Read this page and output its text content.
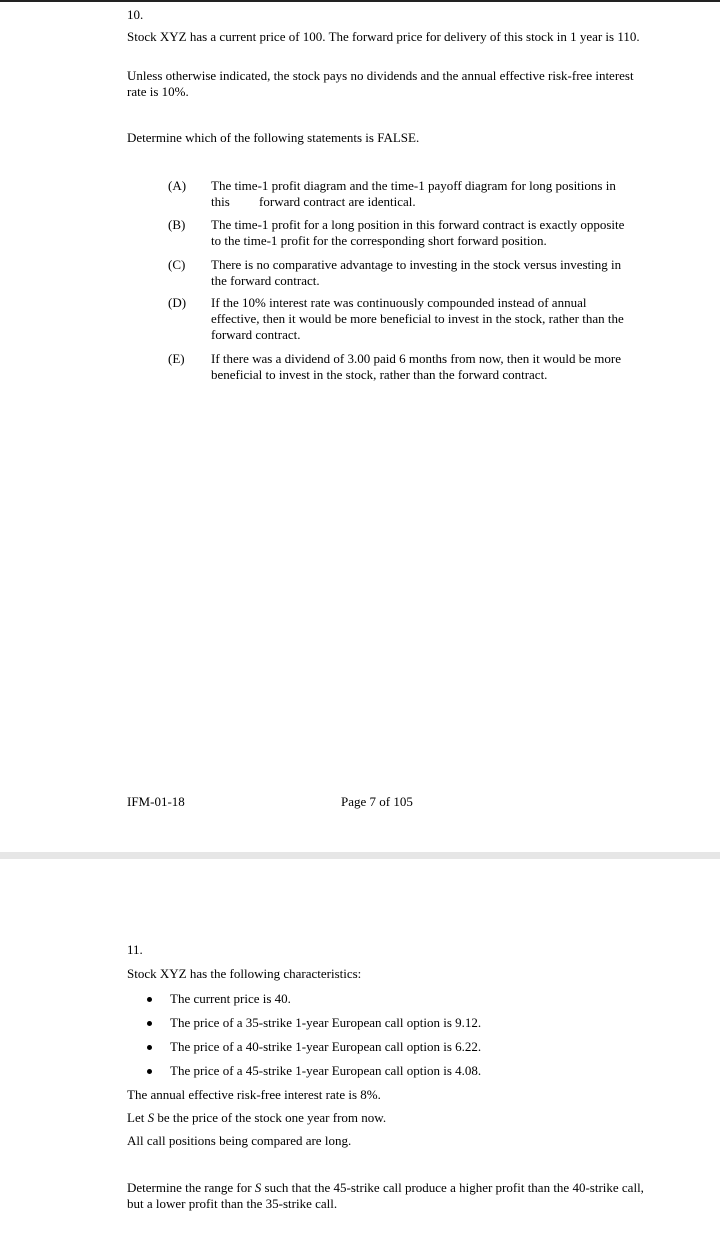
10.
Stock XYZ has a current price of 100. The forward price for delivery of this stock in 1 year is 110.
Unless otherwise indicated, the stock pays no dividends and the annual effective risk-free interest rate is 10%.
Determine which of the following statements is FALSE.
(A)	The time-1 profit diagram and the time-1 payoff diagram for long positions in this         forward contract are identical.
(B)	The time-1 profit for a long position in this forward contract is exactly opposite to the time-1 profit for the corresponding short forward position.
(C)	There is no comparative advantage to investing in the stock versus investing in the forward contract.
(D)	If the 10% interest rate was continuously compounded instead of annual effective, then it would be more beneficial to invest in the stock, rather than the forward contract.
(E)	If there was a dividend of 3.00 paid 6 months from now, then it would be more   beneficial to invest in the stock, rather than the forward contract.
IFM-01-18	Page 7 of 105
11.
Stock XYZ has the following characteristics:
The current price is 40.
The price of a 35-strike 1-year European call option is 9.12.
The price of a 40-strike 1-year European call option is 6.22.
The price of a 45-strike 1-year European call option is 4.08.
The annual effective risk-free interest rate is 8%.
Let S be the price of the stock one year from now.
All call positions being compared are long.
Determine the range for S such that the 45-strike call produce a higher profit than the 40-strike call, but a lower profit than the 35-strike call.
